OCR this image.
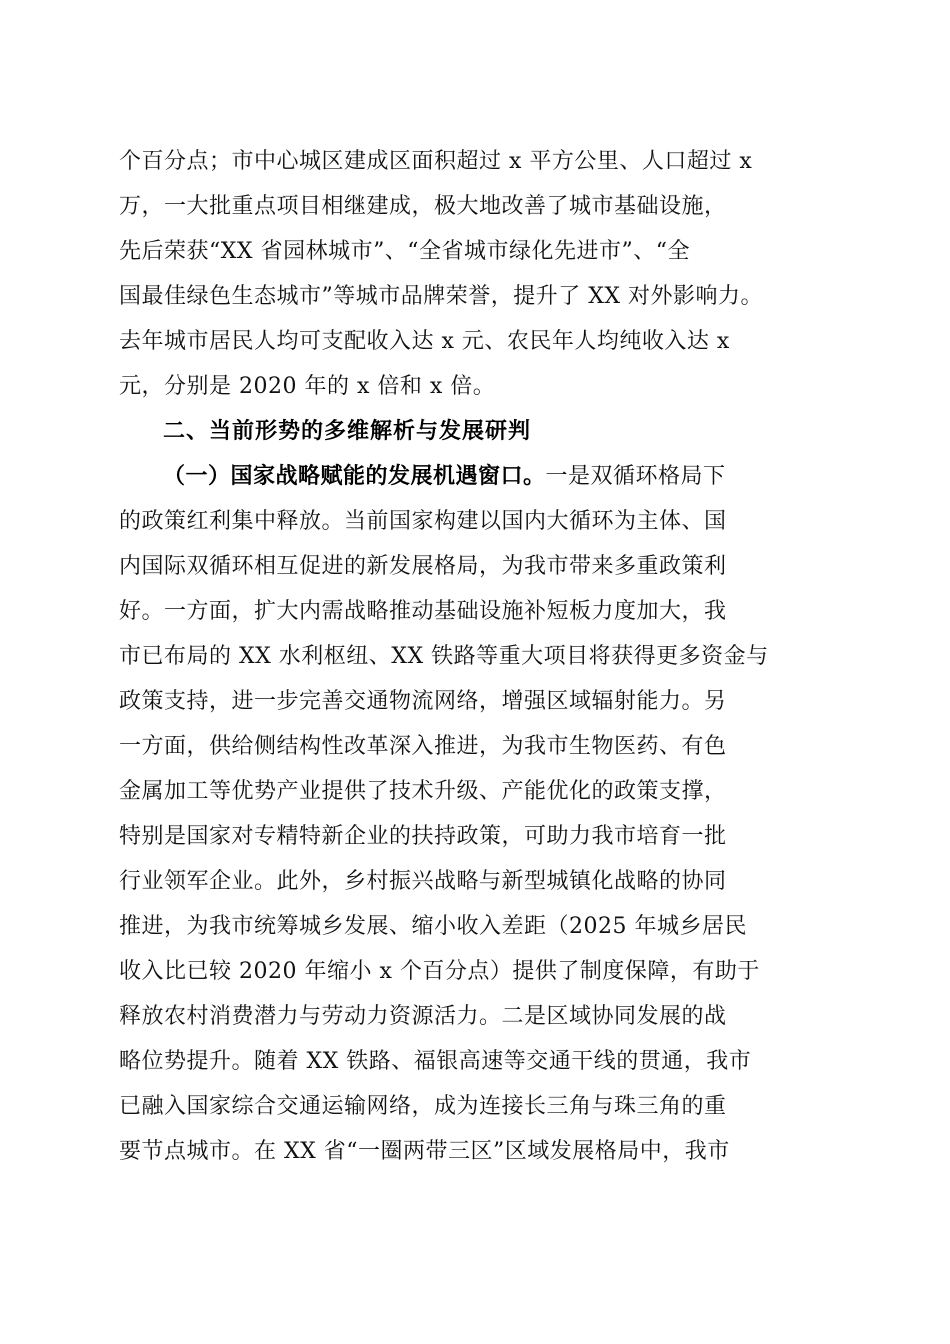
个百分点；市中心城区建成区面积超过 x 平方公里、人口超过 x
万，一大批重点项目相继建成，极大地改善了城市基础设施，
先后荣获“XX 省园林城市”、“全省城市绿化先进市”、“全
国最佳绿色生态城市”等城市品牌荣誉，提升了 XX 对外影响力。
去年城市居民人均可支配收入达 x 元、农民年人均纯收入达 x
元，分别是 2020 年的 x 倍和 x 倍。
二、当前形势的多维解析与发展研判
（一）国家战略赋能的发展机遇窗口。一是双循环格局下
的政策红利集中释放。当前国家构建以国内大循环为主体、国
内国际双循环相互促进的新发展格局，为我市带来多重政策利
好。一方面，扩大内需战略推动基础设施补短板力度加大，我
市已布局的 XX 水利枢纽、XX 铁路等重大项目将获得更多资金与
政策支持，进一步完善交通物流网络，增强区域辐射能力。另
一方面，供给侧结构性改革深入推进，为我市生物医药、有色
金属加工等优势产业提供了技术升级、产能优化的政策支撑，
特别是国家对专精特新企业的扶持政策，可助力我市培育一批
行业领军企业。此外，乡村振兴战略与新型城镇化战略的协同
推进，为我市统筹城乡发展、缩小收入差距（2025 年城乡居民
收入比已较 2020 年缩小 x 个百分点）提供了制度保障，有助于
释放农村消费潜力与劳动力资源活力。二是区域协同发展的战
略位势提升。随着 XX 铁路、福银高速等交通干线的贯通，我市
已融入国家综合交通运输网络，成为连接长三角与珠三角的重
要节点城市。在 XX 省“一圈两带三区”区域发展格局中，我市
